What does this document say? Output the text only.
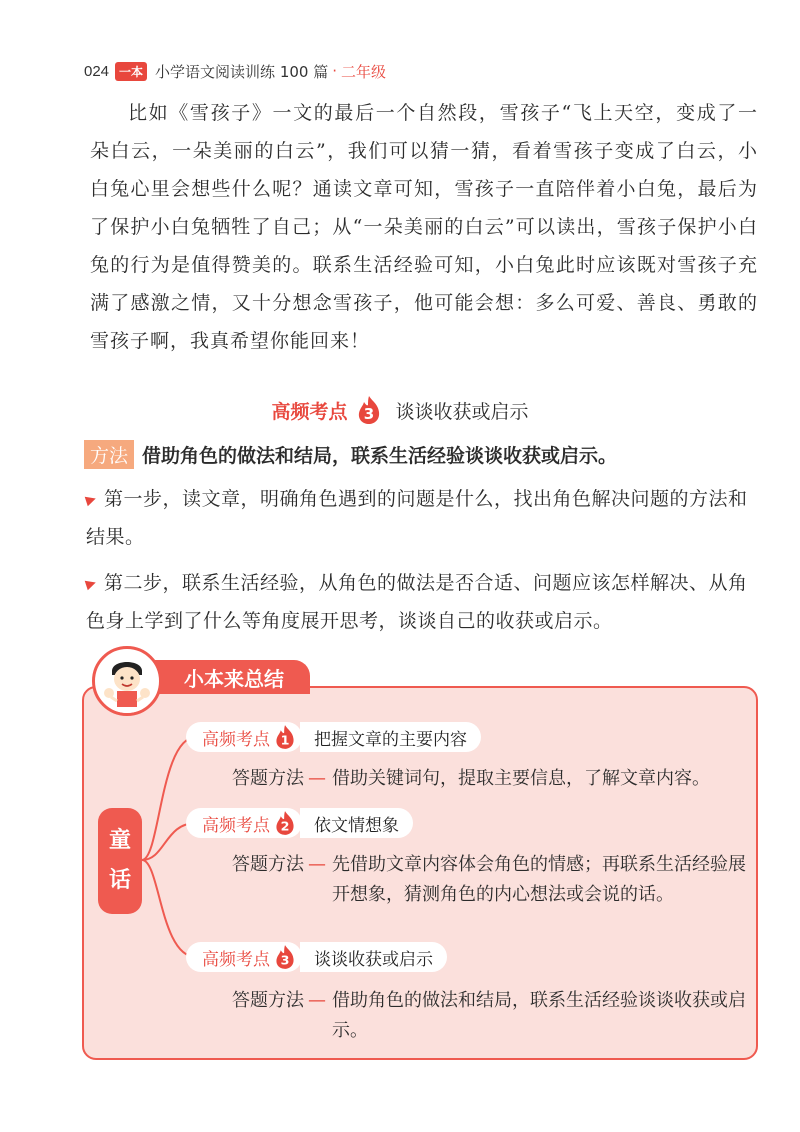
024 一本 小学语文阅读训练 100 篇 · 二年级
比如《雪孩子》一文的最后一个自然段，雪孩子“飞上天空，变成了一朵白云，一朵美丽的白云”，我们可以猜一猜，看着雪孩子变成了白云，小白兔心里会想些什么呢？通读文章可知，雪孩子一直陪伴着小白兔，最后为了保护小白兔牺牲了自己；从“一朵美丽的白云”可以读出，雪孩子保护小白兔的行为是值得赞美的。联系生活经验可知，小白兔此时应该既对雪孩子充满了感激之情，又十分想念雪孩子，他可能会想：多么可爱、善良、勇敢的雪孩子啊，我真希望你能回来！
高频考点 3 谈谈收获或启示
方法 借助角色的做法和结局，联系生活经验谈谈收获或启示。
第一步，读文章，明确角色遇到的问题是什么，找出角色解决问题的方法和结果。
第二步，联系生活经验，从角色的做法是否合适、问题应该怎样解决、从角色身上学到了什么等角度展开思考，谈谈自己的收获或启示。
小本来总结
童
话
高频考点 1	把握文章的主要内容
答题方法 — 借助关键词句，提取主要信息，了解文章内容。
高频考点 2	依文情想象
答题方法 — 先借助文章内容体会角色的情感；再联系生活经验展开想象，猜测角色的内心想法或会说的话。
高频考点 3	谈谈收获或启示
答题方法 — 借助角色的做法和结局，联系生活经验谈谈收获或启示。
